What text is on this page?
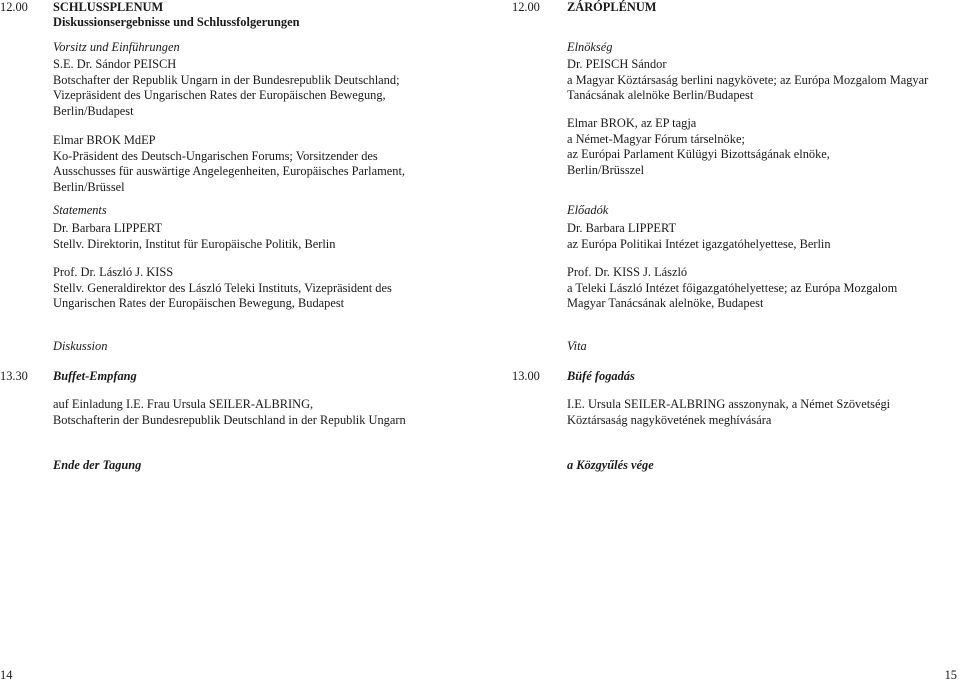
12.00 SCHLUSSPLENUM
Diskussionsergebnisse und Schlussfolgerungen
Vorsitz und Einführungen
S.E. Dr. Sándor PEISCH
Botschafter der Republik Ungarn in der Bundesrepublik Deutschland;
Vizepräsident des Ungarischen Rates der Europäischen Bewegung,
Berlin/Budapest
Elmar BROK MdEP
Ko-Präsident des Deutsch-Ungarischen Forums; Vorsitzender des
Ausschusses für auswärtige Angelegenheiten, Europäisches Parlament,
Berlin/Brüssel
Statements
Dr. Barbara LIPPERT
Stellv. Direktorin, Institut für Europäische Politik, Berlin
Prof. Dr. László J. KISS
Stellv. Generaldirektor des László Teleki Instituts, Vizepräsident des
Ungarischen Rates der Europäischen Bewegung, Budapest
Diskussion
13.30 Buffet-Empfang
auf Einladung I.E. Frau Ursula SEILER-ALBRING,
Botschafterin der Bundesrepublik Deutschland in der Republik Ungarn
Ende der Tagung
14
12.00 ZÁRÓPLÉNUM
Elnökség
Dr. PEISCH Sándor
a Magyar Köztársaság berlini nagykövete; az Európa Mozgalom Magyar
Tanácsának alelnöke Berlin/Budapest
Elmar BROK, az EP tagja
a Német-Magyar Fórum társelnöke;
az Európai Parlament Külügyi Bizottságának elnöke,
Berlin/Brüsszel
Előadók
Dr. Barbara LIPPERT
az Európa Politikai Intézet igazgatóhelyettese, Berlin
Prof. Dr. KISS J. László
a Teleki László Intézet főigazgatóhelyettese; az Európa Mozgalom
Magyar Tanácsának alelnöke, Budapest
Vita
13.00 Büfé fogadás
I.E. Ursula SEILER-ALBRING asszonynak, a Német Szövetségi
Köztársaság nagykövetének meghívására
a Közgyűlés vége
15
